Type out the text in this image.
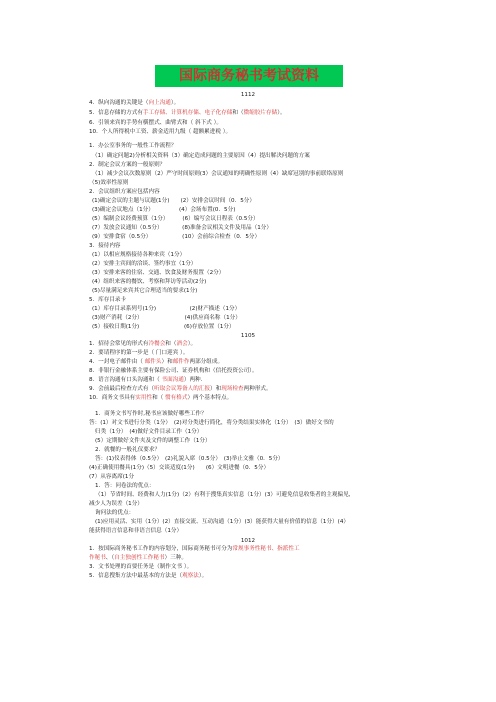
国际商务秘书考试资料
1112
4．纵向沟通的关键是（向上沟通）。
5．信息存储的方式有手工存储、计算机存储、电子化存储和（微缩胶片存储）。
6．引领来宾的手势有横摆式、曲臂式和（ 斜下式 ）。
10．个人所得税中工资、薪金适用九级（ 超额累进税 ）。
1．办公室事务的一般性工作流程？
（1）确定问题2)分析相关资料（3）确定造成问题的主要原因（4）提出解决问题的方案
2．制定会议方案的一般原则？
（1）减少会议次数原则（2）严守时间原则(3）会议通知的明确性原则（4）缺席冠别的事前联络原则
（5)效率性原则
2．会议组织方案应包括内容
(1)确定会议的主题与议题(1分)　　(2）安排会议时间（0．5分）
(3)确定会议地点（1分）　　　　　(4）会场布置(0．5分)
(5）编制会议经费预算（1分）　　　(6）编写会议日程表（0.5分）
(7）发放会议通知（0.5分）　　　　(8)准备会议相关文件及用品（1分）
(9）安排食宿（0.5分）　　　　　　(10）会前综合检查（0．5分）
3．接待内容
(1）以相应规格接待各种来宾（1分）
(2）安排主宾间的洽谈、签约事宜（1分）
(3）安排来客的住宿、交通、饮食及财务报置（2分）
(4）组织来客的餐饮、考察和拜访等活动(2分)
(5)尽量满足来宾其它合理适当的要求(1分)
5．库存目录卡
(1）库存目录系列号(1分)　　　　　　(2)财产描述（1分）
(3)财产消耗（2分）　　　　　　　　(4)供应商名称（1分）
(5）接收日期(1分)　　　　　　　　(6)存放位置（1分）
1105
1．招待会常见的形式有冷餐会和（酒会）。
2．要请程序的第一步是（ 门口迎宾 ）。
4．一封电子邮件由（ 邮件头）和邮件作两部分组成。
8．非银行金融体系主要有保险公司、证券机构和（信托投资公司）。
8．语言沟通有口头沟通和（ 书面沟通）两种.
9．会前最后检查方式有（听取会议筹备人的汇报）和现场检查两种形式。
10．商务文书具有实用性和（ 惯有格式）两个基本特点。
1．商务文书写作时,秘书应该做好哪些工作？
答：(1）对文书进行分类（1分）　(2)对分类进行简化，将分类结果实体化（1分）　(3）做好文书的
归类（1分）　(4)做好文件目录工作（1分）
(5）定期做好文件夹及文件的调整工作（1分）
2．就餐的一般礼仪要求？
答：(1)仪表得体（0.5分）　(2)礼貌入席（0.5分）　(3)举止文雅（0．5分）
(4)正确使用餐具(1分)（5）交谈适度(1分)　　(6）文明进餐（0．5分）
(7）从容离席(1分
1．答：问卷法的优点：
（1）节省时间、经费和人力(1分)（2）有利于搜集真实信息（1分）(3）可避免信息收集者的主观偏见,
减少人为误差（1分）
询问法的优点：
(1)应用灵活、实用（1分）(2）直接交流、互动沟通（1分）(3）能获得大量有价值的信息（1分）(4）
能获得语言信息和非语言信息（1分）
1012
1．按国际商务秘书工作的内容划分，国际商务秘书可分为常规事务性秘书、指派性工
作秘书、（自主独创性工作秘书）三种。
3．文书处理的首要任务是（制作文书 ）。
5．信息搜集方法中最基本的方法是（观察法）。
